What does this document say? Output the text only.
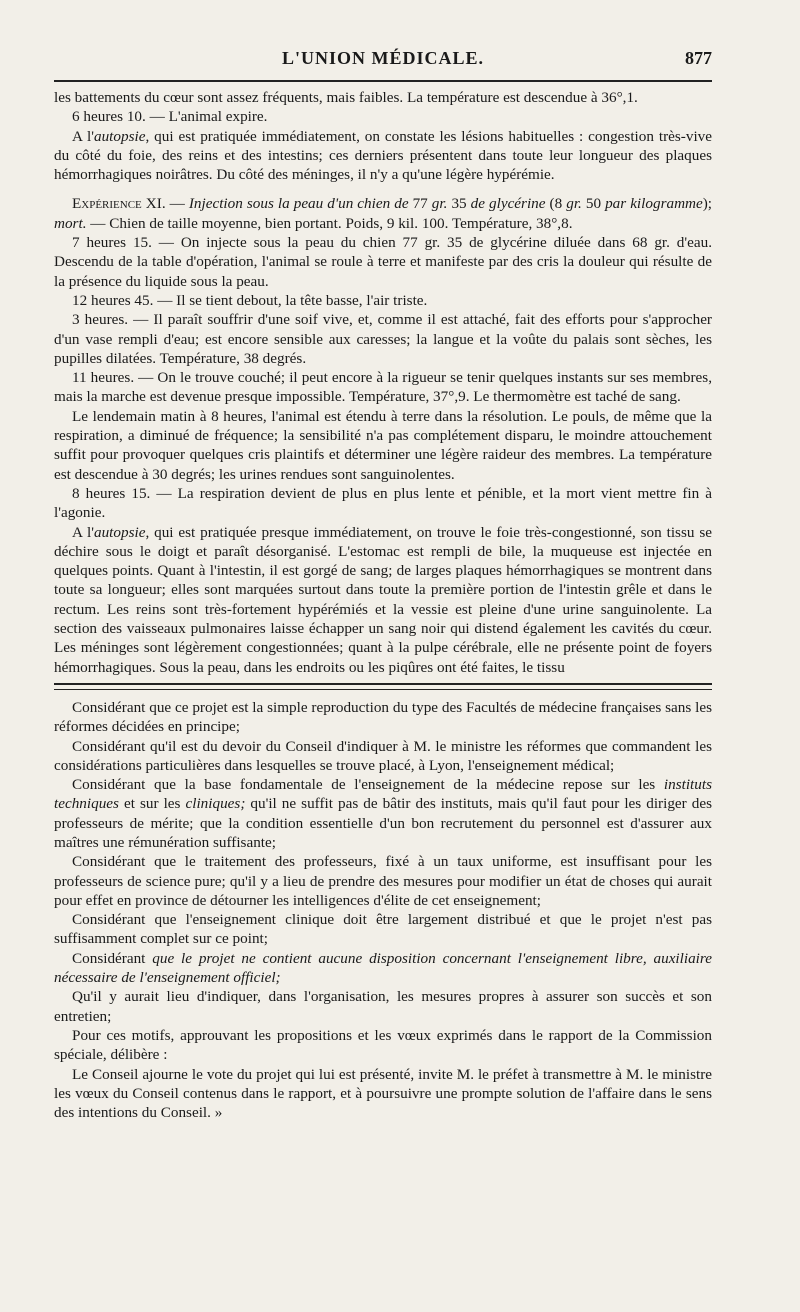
L'UNION MÉDICALE.	877

les battements du cœur sont assez fréquents, mais faibles. La température est descendue à 36°,1.

6 heures 10. — L'animal expire.

A l'autopsie, qui est pratiquée immédiatement, on constate les lésions habituelles : congestion très-vive du côté du foie, des reins et des intestins; ces derniers présentent dans toute leur longueur des plaques hémorrhagiques noirâtres. Du côté des méninges, il n'y a qu'une légère hypérémie.

Expérience XI. — Injection sous la peau d'un chien de 77 gr. 35 de glycérine (8 gr. 50 par kilogramme); mort. — Chien de taille moyenne, bien portant. Poids, 9 kil. 100. Température, 38°,8.

7 heures 15. — On injecte sous la peau du chien 77 gr. 35 de glycérine diluée dans 68 gr. d'eau. Descendu de la table d'opération, l'animal se roule à terre et manifeste par des cris la douleur qui résulte de la présence du liquide sous la peau.

12 heures 45. — Il se tient debout, la tête basse, l'air triste.

3 heures. — Il paraît souffrir d'une soif vive, et, comme il est attaché, fait des efforts pour s'approcher d'un vase rempli d'eau; est encore sensible aux caresses; la langue et la voûte du palais sont sèches, les pupilles dilatées. Température, 38 degrés.

11 heures. — On le trouve couché; il peut encore à la rigueur se tenir quelques instants sur ses membres, mais la marche est devenue presque impossible. Température, 37°,9. Le thermomètre est taché de sang.

Le lendemain matin à 8 heures, l'animal est étendu à terre dans la résolution. Le pouls, de même que la respiration, a diminué de fréquence; la sensibilité n'a pas complétement disparu, le moindre attouchement suffit pour provoquer quelques cris plaintifs et déterminer une légère raideur des membres. La température est descendue à 30 degrés; les urines rendues sont sanguinolentes.

8 heures 15. — La respiration devient de plus en plus lente et pénible, et la mort vient mettre fin à l'agonie.

A l'autopsie, qui est pratiquée presque immédiatement, on trouve le foie très-congestionné, son tissu se déchire sous le doigt et paraît désorganisé. L'estomac est rempli de bile, la muqueuse est injectée en quelques points. Quant à l'intestin, il est gorgé de sang; de larges plaques hémorrhagiques se montrent dans toute sa longueur; elles sont marquées surtout dans toute la première portion de l'intestin grêle et dans le rectum. Les reins sont très-fortement hypérémiés et la vessie est pleine d'une urine sanguinolente. La section des vaisseaux pulmonaires laisse échapper un sang noir qui distend également les cavités du cœur. Les méninges sont légèrement congestionnées; quant à la pulpe cérébrale, elle ne présente point de foyers hémorrhagiques. Sous la peau, dans les endroits ou les piqûres ont été faites, le tissu

Considérant que ce projet est la simple reproduction du type des Facultés de médecine françaises sans les réformes décidées en principe;

Considérant qu'il est du devoir du Conseil d'indiquer à M. le ministre les réformes que commandent les considérations particulières dans lesquelles se trouve placé, à Lyon, l'enseignement médical;

Considérant que la base fondamentale de l'enseignement de la médecine repose sur les instituts techniques et sur les cliniques; qu'il ne suffit pas de bâtir des instituts, mais qu'il faut pour les diriger des professeurs de mérite; que la condition essentielle d'un bon recrutement du personnel est d'assurer aux maîtres une rémunération suffisante;

Considérant que le traitement des professeurs, fixé à un taux uniforme, est insuffisant pour les professeurs de science pure; qu'il y a lieu de prendre des mesures pour modifier un état de choses qui aurait pour effet en province de détourner les intelligences d'élite de cet enseignement;

Considérant que l'enseignement clinique doit être largement distribué et que le projet n'est pas suffisamment complet sur ce point;

Considérant que le projet ne contient aucune disposition concernant l'enseignement libre, auxiliaire nécessaire de l'enseignement officiel;

Qu'il y aurait lieu d'indiquer, dans l'organisation, les mesures propres à assurer son succès et son entretien;

Pour ces motifs, approuvant les propositions et les vœux exprimés dans le rapport de la Commission spéciale, délibère :

Le Conseil ajourne le vote du projet qui lui est présenté, invite M. le préfet à transmettre à M. le ministre les vœux du Conseil contenus dans le rapport, et à poursuivre une prompte solution de l'affaire dans le sens des intentions du Conseil. »
